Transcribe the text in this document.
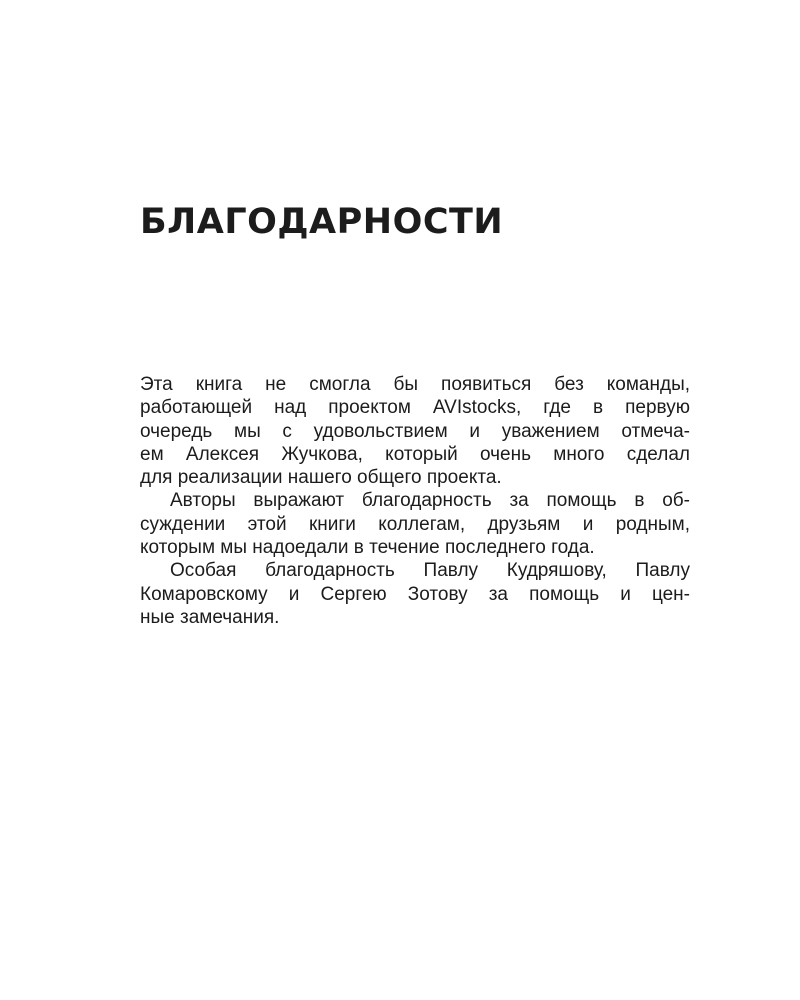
БЛАГОДАРНОСТИ
Эта книга не смогла бы появиться без команды,
работающей над проектом AVIstocks, где в первую
очередь мы с удовольствием и уважением отмеча-
ем Алексея Жучкова, который очень много сделал
для реализации нашего общего проекта.
Авторы выражают благодарность за помощь в об-
суждении этой книги коллегам, друзьям и родным,
которым мы надоедали в течение последнего года.
Особая благодарность Павлу Кудряшову, Павлу
Комаровскому и Сергею Зотову за помощь и цен-
ные замечания.
